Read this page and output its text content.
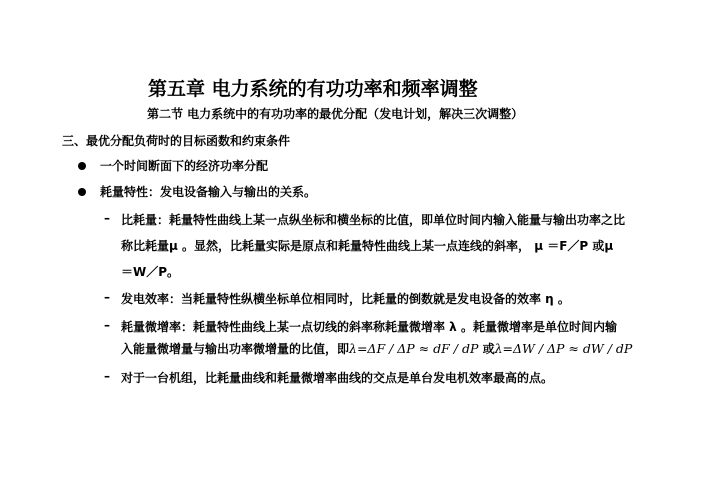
第五章 电力系统的有功功率和频率调整
第二节 电力系统中的有功功率的最优分配（发电计划，解决三次调整）
三、最优分配负荷时的目标函数和约束条件
一个时间断面下的经济功率分配
耗量特性：发电设备输入与输出的关系。
– 比耗量：耗量特性曲线上某一点纵坐标和横坐标的比值，即单位时间内输入能量与输出功率之比
称比耗量μ 。显然，比耗量实际是原点和耗量特性曲线上某一点连线的斜率， μ ＝F／P 或μ
＝W／P。
– 发电效率：当耗量特性纵横坐标单位相同时，比耗量的倒数就是发电设备的效率 η 。
– 耗量微增率：耗量特性曲线上某一点切线的斜率称耗量微增率 λ 。耗量微增率是单位时间内输
入能量微增量与输出功率微增量的比值，即λ=ΔF / ΔP ≈ dF / dP 或λ=ΔW / ΔP ≈ dW / dP
– 对于一台机组，比耗量曲线和耗量微增率曲线的交点是单台发电机效率最高的点。
